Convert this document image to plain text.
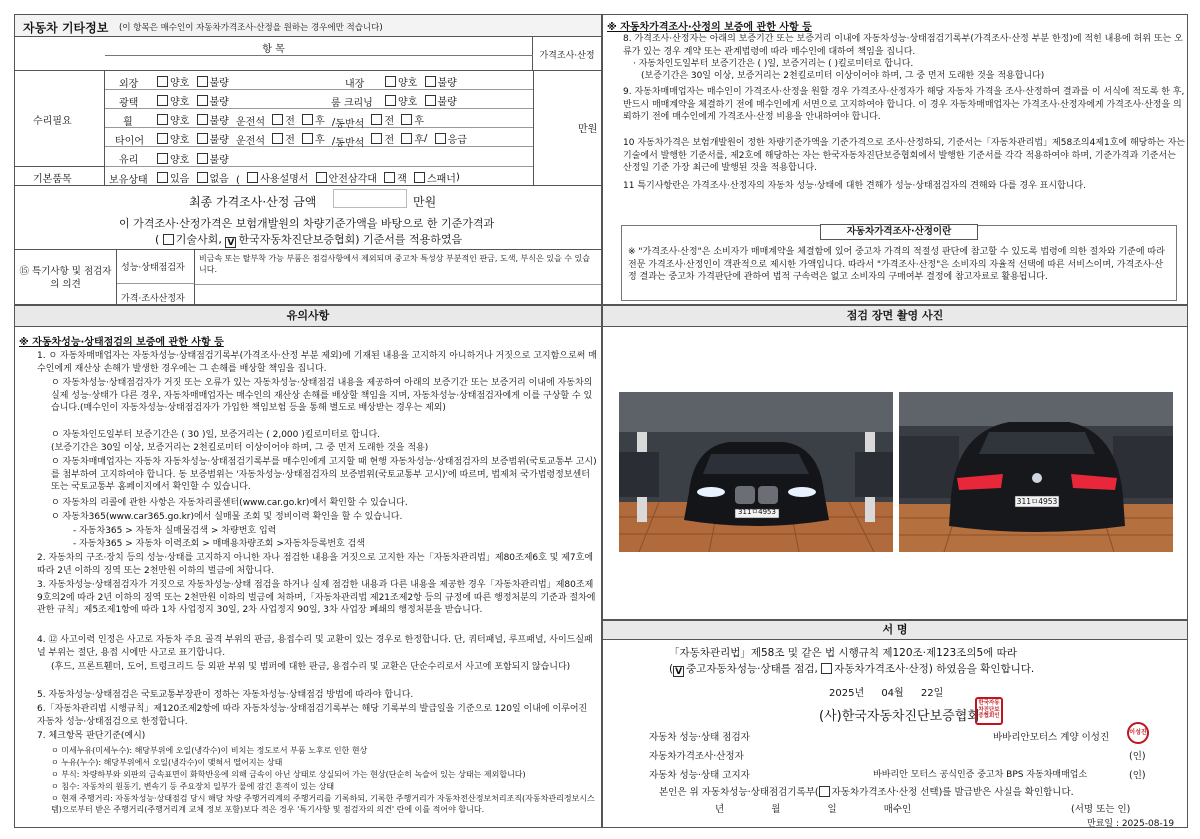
자동차 기타정보 (이 항목은 매수인이 자동차가격조사·산정을 원하는 경우에만 적습니다)
항 목
가격조사·산정
수리필요
기본품목
만원
외장	양호
불량	내장	양호
불량
광택	양호
불량	룸 크리닝	양호
불량
휠	양호
불량 운전석 전
후 / 동반석
전
후
타이어	양호
불량 운전석 전
후 / 동반석
전
후 / 응급
유리	양호
불량
보유상태 있음
없음 ( 사용설명서
안전삼각대
잭
스패너 )
최종 가격조사·산정 금액	만원
이 가격조사·산정가격은 보험개발원의 차량기준가액을 바탕으로 한 기준가격과
( 기술사회, V한국자동차진단보증협회) 기준서를 적용하였음
⑮ 특기사항 및 점검자의 의견
성능·상태점검자
비금속 또는 탈부착 가능 부품은 점검사항에서 제외되며 중고차 특성상 부분적인 판금, 도색, 부식은 있을 수 있습니다.
가격·조사산정자
※ 자동차가격조사·산정의 보증에 관한 사항 등
8. 가격조사·산정자는 아래의 보증기간 또는 보증거리 이내에 자동차성능·상태점검기록부(가격조사·산정 부분 한정)에 적힌 내용에 허위 또는 오류가 있는 경우 계약 또는 관계법령에 따라 매수인에 대하여 책임을 집니다.
· 자동차인도일부터 보증기간은 ( )일, 보증거리는 ( )킬로미터로 합니다.
(보증기간은 30일 이상, 보증거리는 2천킬로미터 이상이어야 하며, 그 중 먼저 도래한 것을 적용합니다)
9. 자동차매매업자는 매수인이 가격조사·산정을 원할 경우 가격조사·산정자가 해당 자동차 가격을 조사·산정하여 결과를 이 서식에 적도록 한 후, 반드시 매매계약을 체결하기 전에 매수인에게 서면으로 고지하여야 합니다. 이 경우 자동차매매업자는 가격조사·산정자에게 가격조사·산정을 의뢰하기 전에 매수인에게 가격조사·산정 비용을 안내하여야 합니다.
10 자동차가격은 보험개발원이 정한 차량기준가액을 기준가격으로 조사·산정하되, 기준서는「자동차관리법」제58조의4제1호에 해당하는 자는 기술에서 발행한 기준서를, 제2호에 해당하는 자는 한국자동차진단보증협회에서 발행한 기준서를 각각 적용하여야 하며, 기준가격과 기준서는 산정일 기준 가장 최근에 발행된 것을 적용합니다.
11 특기사항란은 가격조사·산정자의 자동차 성능·상태에 대한 견해가 성능·상태점검자의 견해와 다를 경우 표시합니다.
자동차가격조사·산정이란
※ "가격조사·산정"은 소비자가 매매계약을 체결함에 있어 중고차 가격의 적절성 판단에 참고할 수 있도록 법령에 의한 절차와 기준에 따라 전문 가격조사·산정인이 객관적으로 제시한 가액입니다. 따라서 "가격조사·산정"은 소비자의 자율적 선택에 따른 서비스이며, 가격조사·산정 결과는 중고차 가격판단에 관하여 법적 구속력은 없고 소비자의 구매여부 결정에 참고자료로 활용됩니다.
유의사항
※ 자동차성능·상태점검의 보증에 관한 사항 등
1. ㅇ 자동차매매업자는 자동차성능·상태점검기록부(가격조사·산정 부분 제외)에 기재된 내용을 고지하지 아니하거나 거짓으로 고지함으로써 매수인에게 재산상 손해가 발생한 경우에는 그 손해를 배상할 책임을 집니다.
ㅇ 자동차성능·상태점검자가 거짓 또는 오류가 있는 자동차성능·상태점검 내용을 제공하여 아래의 보증기간 또는 보증거리 이내에 자동차의 실제 성능·상태가 다른 경우, 자동차매매업자는 매수인의 재산상 손해를 배상할 책임을 지며, 자동차성능·상태점검자에게 이를 구상할 수 있습니다.(매수인이 자동차성능·상태점검자가 가입한 책임보험 등을 통해 별도로 배상받는 경우는 제외)
ㅇ 자동차인도일부터 보증기간은 ( 30 )일, 보증거리는 ( 2,000 )킬로미터로 합니다.
(보증기간은 30일 이상, 보증거리는 2천킬로미터 이상이어야 하며, 그 중 먼저 도래한 것을 적용)
ㅇ 자동차매매업자는 자동차 자동차성능·상태점검기록부를 매수인에게 고지할 때 현행 자동차성능·상태점검자의 보증범위(국토교통부 고시)를 첨부하여 고지하여야 합니다. 동 보증범위는 '자동차성능·상태점검자의 보증범위(국토교통부 고시)'에 따르며, 법제처 국가법령정보센터 또는 국토교통부 홈페이지에서 확인할 수 있습니다.
ㅇ 자동차의 리콜에 관한 사항은 자동차리콜센터(www.car.go.kr)에서 확인할 수 있습니다.
ㅇ 자동차365(www.car365.go.kr)에서 실매물 조회 및 정비이력 확인을 할 수 있습니다.
- 자동차365 > 자동차 실매물검색 > 차량번호 입력
- 자동차365 > 자동차 이력조회 > 매매용차량조회 >자동차등록번호 검색
2. 자동차의 구조·장치 등의 성능·상태를 고지하지 아니한 자나 점검한 내용을 거짓으로 고지한 자는「자동차관리법」제80조제6호 및 제7호에 따라 2년 이하의 징역 또는 2천만원 이하의 벌금에 처합니다.
3. 자동차성능·상태점검자가 거짓으로 자동차성능·상태 점검을 하거나 실제 점검한 내용과 다른 내용을 제공한 경우「자동차관리법」제80조제9호의2에 따라 2년 이하의 징역 또는 2천만원 이하의 벌금에 처하며,「자동차관리법 제21조제2항 등의 규정에 따른 행정처분의 기준과 절차에 관한 규칙」제5조제1항에 따라 1차 사업정지 30일, 2차 사업정지 90일, 3차 사업장 폐쇄의 행정처분을 받습니다.
4. ⑫ 사고이력 인정은 사고로 자동차 주요 골격 부위의 판금, 용접수리 및 교환이 있는 경우로 한정합니다. 단, 쿼터패널, 루프패널, 사이드실패널 부위는 절단, 용접 시에만 사고로 표기합니다.
(후드, 프론트휀더, 도어, 트렁크리드 등 외판 부위 및 범퍼에 대한 판금, 용접수리 및 교환은 단순수리로서 사고에 포함되지 않습니다)
5. 자동차성능·상태점검은 국토교통부장관이 정하는 자동차성능·상태점검 방법에 따라야 합니다.
6.「자동차관리법 시행규칙」제120조제2항에 따라 자동차성능·상태점검기록부는 해당 기록부의 발급일을 기준으로 120일 이내에 이루어진 자동차 성능·상태점검으로 한정합니다.
7. 체크항목 판단기준(예시)
ㅇ 미세누유(미세누수): 해당부위에 오일(냉각수)이 비치는 정도로서 부품 노후로 인한 현상
ㅇ 누유(누수): 해당부위에서 오일(냉각수)이 맺혀서 떨어지는 상태
ㅇ 부식: 차량하부와 외판의 금속표면이 화학반응에 의해 금속이 아닌 상태로 상실되어 가는 현상(단순히 녹슬어 있는 상태는 제외합니다)
ㅇ 침수: 자동차의 원동기, 변속기 등 주요장치 일부가 물에 잠긴 흔적이 있는 상태
ㅇ 현재 주행거리: 자동차성능·상태점검 당시 해당 차량 주행거리계의 주행거리를 기록하되, 기록한 주행거리가 자동차전산정보처리조직(자동차관리정보시스템)으로부터 받은 주행거리(주행거리계 교체 정보 포함)보다 적은 경우 '특기사항 및 점검자의 의견' 란에 이를 적어야 합니다.
점검 장면 촬영 사진
311ㅁ4953
311ㅁ4953
서 명
「자동차관리법」제58조 및 같은 법 시행규칙 제120조·제123조의5에 따라
(V 중고자동차성능·상태를 점검, 자동차가격조사·산정) 하였음을 확인합니다.
2025년 04월 22일
(사)한국자동차진단보증협회
한국자동차진단보증협회인
자동차 성능·상태 점검자	바바리안모터스 계양 이성진	이성진
자동차가격조사·산정자	(인)
자동차 성능·상태 고지자	바바리안 모터스 공식인증 중고차 BPS 자동차매매업소	(인)
본인은 위 자동차성능·상태점검기록부( 자동차가격조사·산정 선택)를 발급받은 사실을 확인합니다.
년	월	일	매수인	(서명 또는 인)
만료일 : 2025-08-19
